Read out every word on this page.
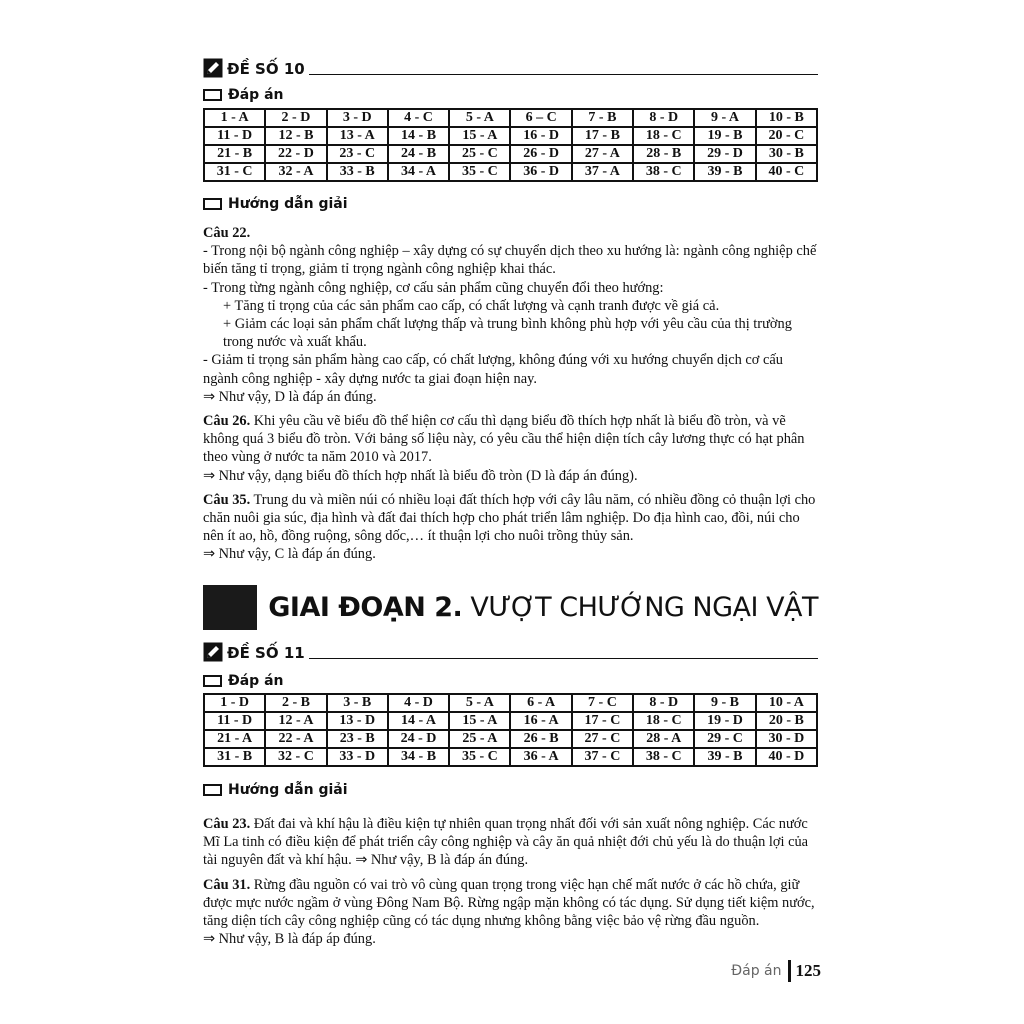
ĐỀ SỐ 10
Đáp án
1 - A	2 - D	3 - D	4 - C	5 - A	6 – C	7 - B	8 - D	9 - A	10 - B
11 - D	12 - B	13 - A	14 - B	15 - A	16 - D	17 - B	18 - C	19 - B	20 - C
21 - B	22 - D	23 - C	24 - B	25 - C	26 - D	27 - A	28 - B	29 - D	30 - B
31 - C	32 - A	33 - B	34 - A	35 - C	36 - D	37 - A	38 - C	39 - B	40 - C
Hướng dẫn giải

Câu 22.

- Trong nội bộ ngành công nghiệp – xây dựng có sự chuyển dịch theo xu hướng là: ngành công nghiệp chế biến tăng tỉ trọng, giảm tỉ trọng ngành công nghiệp khai thác.

- Trong từng ngành công nghiệp, cơ cấu sản phẩm cũng chuyển đổi theo hướng:

+ Tăng tỉ trọng của các sản phẩm cao cấp, có chất lượng và cạnh tranh được về giá cả.

+ Giảm các loại sản phẩm chất lượng thấp và trung bình không phù hợp với yêu cầu của thị trường

trong nước và xuất khẩu.

- Giảm tỉ trọng sản phẩm hàng cao cấp, có chất lượng, không đúng với xu hướng chuyển dịch cơ cấu ngành công nghiệp - xây dựng nước ta giai đoạn hiện nay.

⇒ Như vậy, D là đáp án đúng.

Câu 26. Khi yêu cầu vẽ biểu đồ thể hiện cơ cấu thì dạng biểu đồ thích hợp nhất là biểu đồ tròn, và vẽ không quá 3 biểu đồ tròn. Với bảng số liệu này, có yêu cầu thể hiện diện tích cây lương thực có hạt phân theo vùng ở nước ta năm 2010 và 2017.

⇒ Như vậy, dạng biểu đồ thích hợp nhất là biểu đồ tròn (D là đáp án đúng).

Câu 35. Trung du và miền núi có nhiều loại đất thích hợp với cây lâu năm, có nhiều đồng cỏ thuận lợi cho chăn nuôi gia súc, địa hình và đất đai thích hợp cho phát triển lâm nghiệp. Do địa hình cao, đồi, núi cho nên ít ao, hồ, đồng ruộng, sông dốc,… ít thuận lợi cho nuôi trồng thủy sản.

⇒ Như vậy, C là đáp án đúng.

GIAI ĐOẠN 2. VƯỢT CHƯỚNG NGẠI VẬT
ĐỀ SỐ 11
Đáp án
1 - D	2 - B	3 - B	4 - D	5 - A	6 - A	7 - C	8 - D	9 - B	10 - A
11 - D	12 - A	13 - D	14 - A	15 - A	16 - A	17 - C	18 - C	19 - D	20 - B
21 - A	22 - A	23 - B	24 - D	25 - A	26 - B	27 - C	28 - A	29 - C	30 - D
31 - B	32 - C	33 - D	34 - B	35 - C	36 - A	37 - C	38 - C	39 - B	40 - D
Hướng dẫn giải

Câu 23. Đất đai và khí hậu là điều kiện tự nhiên quan trọng nhất đối với sản xuất nông nghiệp. Các nước Mĩ La tinh có điều kiện để phát triển cây công nghiệp và cây ăn quả nhiệt đới chủ yếu là do thuận lợi của tài nguyên đất và khí hậu. ⇒ Như vậy, B là đáp án đúng.

Câu 31. Rừng đầu nguồn có vai trò vô cùng quan trọng trong việc hạn chế mất nước ở các hồ chứa, giữ được mực nước ngầm ở vùng Đông Nam Bộ. Rừng ngập mặn không có tác dụng. Sử dụng tiết kiệm nước, tăng diện tích cây công nghiệp cũng có tác dụng nhưng không bằng việc bảo vệ rừng đầu nguồn.

⇒ Như vậy, B là đáp áp đúng.

Đáp án 125
